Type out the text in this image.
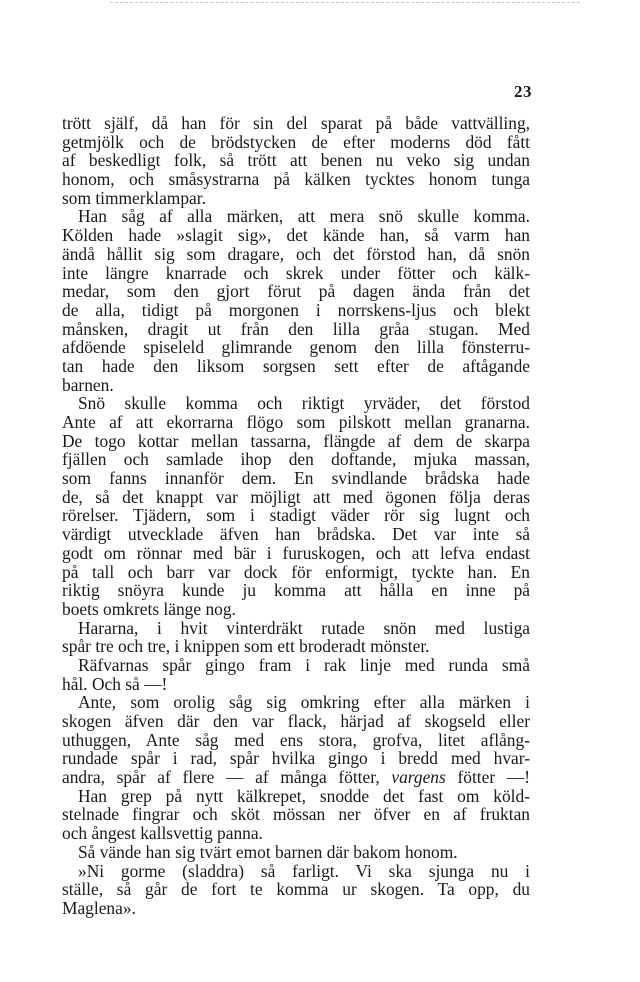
23
trött själf, då han för sin del sparat på både vattvälling,
getmjölk och de brödstycken de efter moderns död fått
af beskedligt folk, så trött att benen nu veko sig undan
honom, och småsystrarna på kälken tycktes honom tunga
som timmerklampar.
Han såg af alla märken, att mera snö skulle komma.
Kölden hade »slagit sig», det kände han, så varm han
ändå hållit sig som dragare, och det förstod han, då snön
inte längre knarrade och skrek under fötter och kälk-
medar, som den gjort förut på dagen ända från det
de alla, tidigt på morgonen i norrskens-ljus och blekt
månsken, dragit ut från den lilla gråa stugan. Med
afdöende spiseleld glimrande genom den lilla fönsterru-
tan hade den liksom sorgsen sett efter de aftågande
barnen.
Snö skulle komma och riktigt yrväder, det förstod
Ante af att ekorrarna flögo som pilskott mellan granarna.
De togo kottar mellan tassarna, flängde af dem de skarpa
fjällen och samlade ihop den doftande, mjuka massan,
som fanns innanför dem. En svindlande brådska hade
de, så det knappt var möjligt att med ögonen följa deras
rörelser. Tjädern, som i stadigt väder rör sig lugnt och
värdigt utvecklade äfven han brådska. Det var inte så
godt om rönnar med bär i furuskogen, och att lefva endast
på tall och barr var dock för enformigt, tyckte han. En
riktig snöyra kunde ju komma att hålla en inne på
boets omkrets länge nog.
Hararna, i hvit vinterdräkt rutade snön med lustiga
spår tre och tre, i knippen som ett broderadt mönster.
Räfvarnas spår gingo fram i rak linje med runda små
hål. Och så —!
Ante, som orolig såg sig omkring efter alla märken i
skogen äfven där den var flack, härjad af skogseld eller
uthuggen, Ante såg med ens stora, grofva, litet aflång-
rundade spår i rad, spår hvilka gingo i bredd med hvar-
andra, spår af flere — af många fötter, vargens fötter —!
Han grep på nytt kälkrepet, snodde det fast om köld-
stelnade fingrar och sköt mössan ner öfver en af fruktan
och ångest kallsvettig panna.
Så vände han sig tvärt emot barnen där bakom honom.
»Ni gorme (sladdra) så farligt. Vi ska sjunga nu i
ställe, så går de fort te komma ur skogen. Ta opp, du
Maglena».
